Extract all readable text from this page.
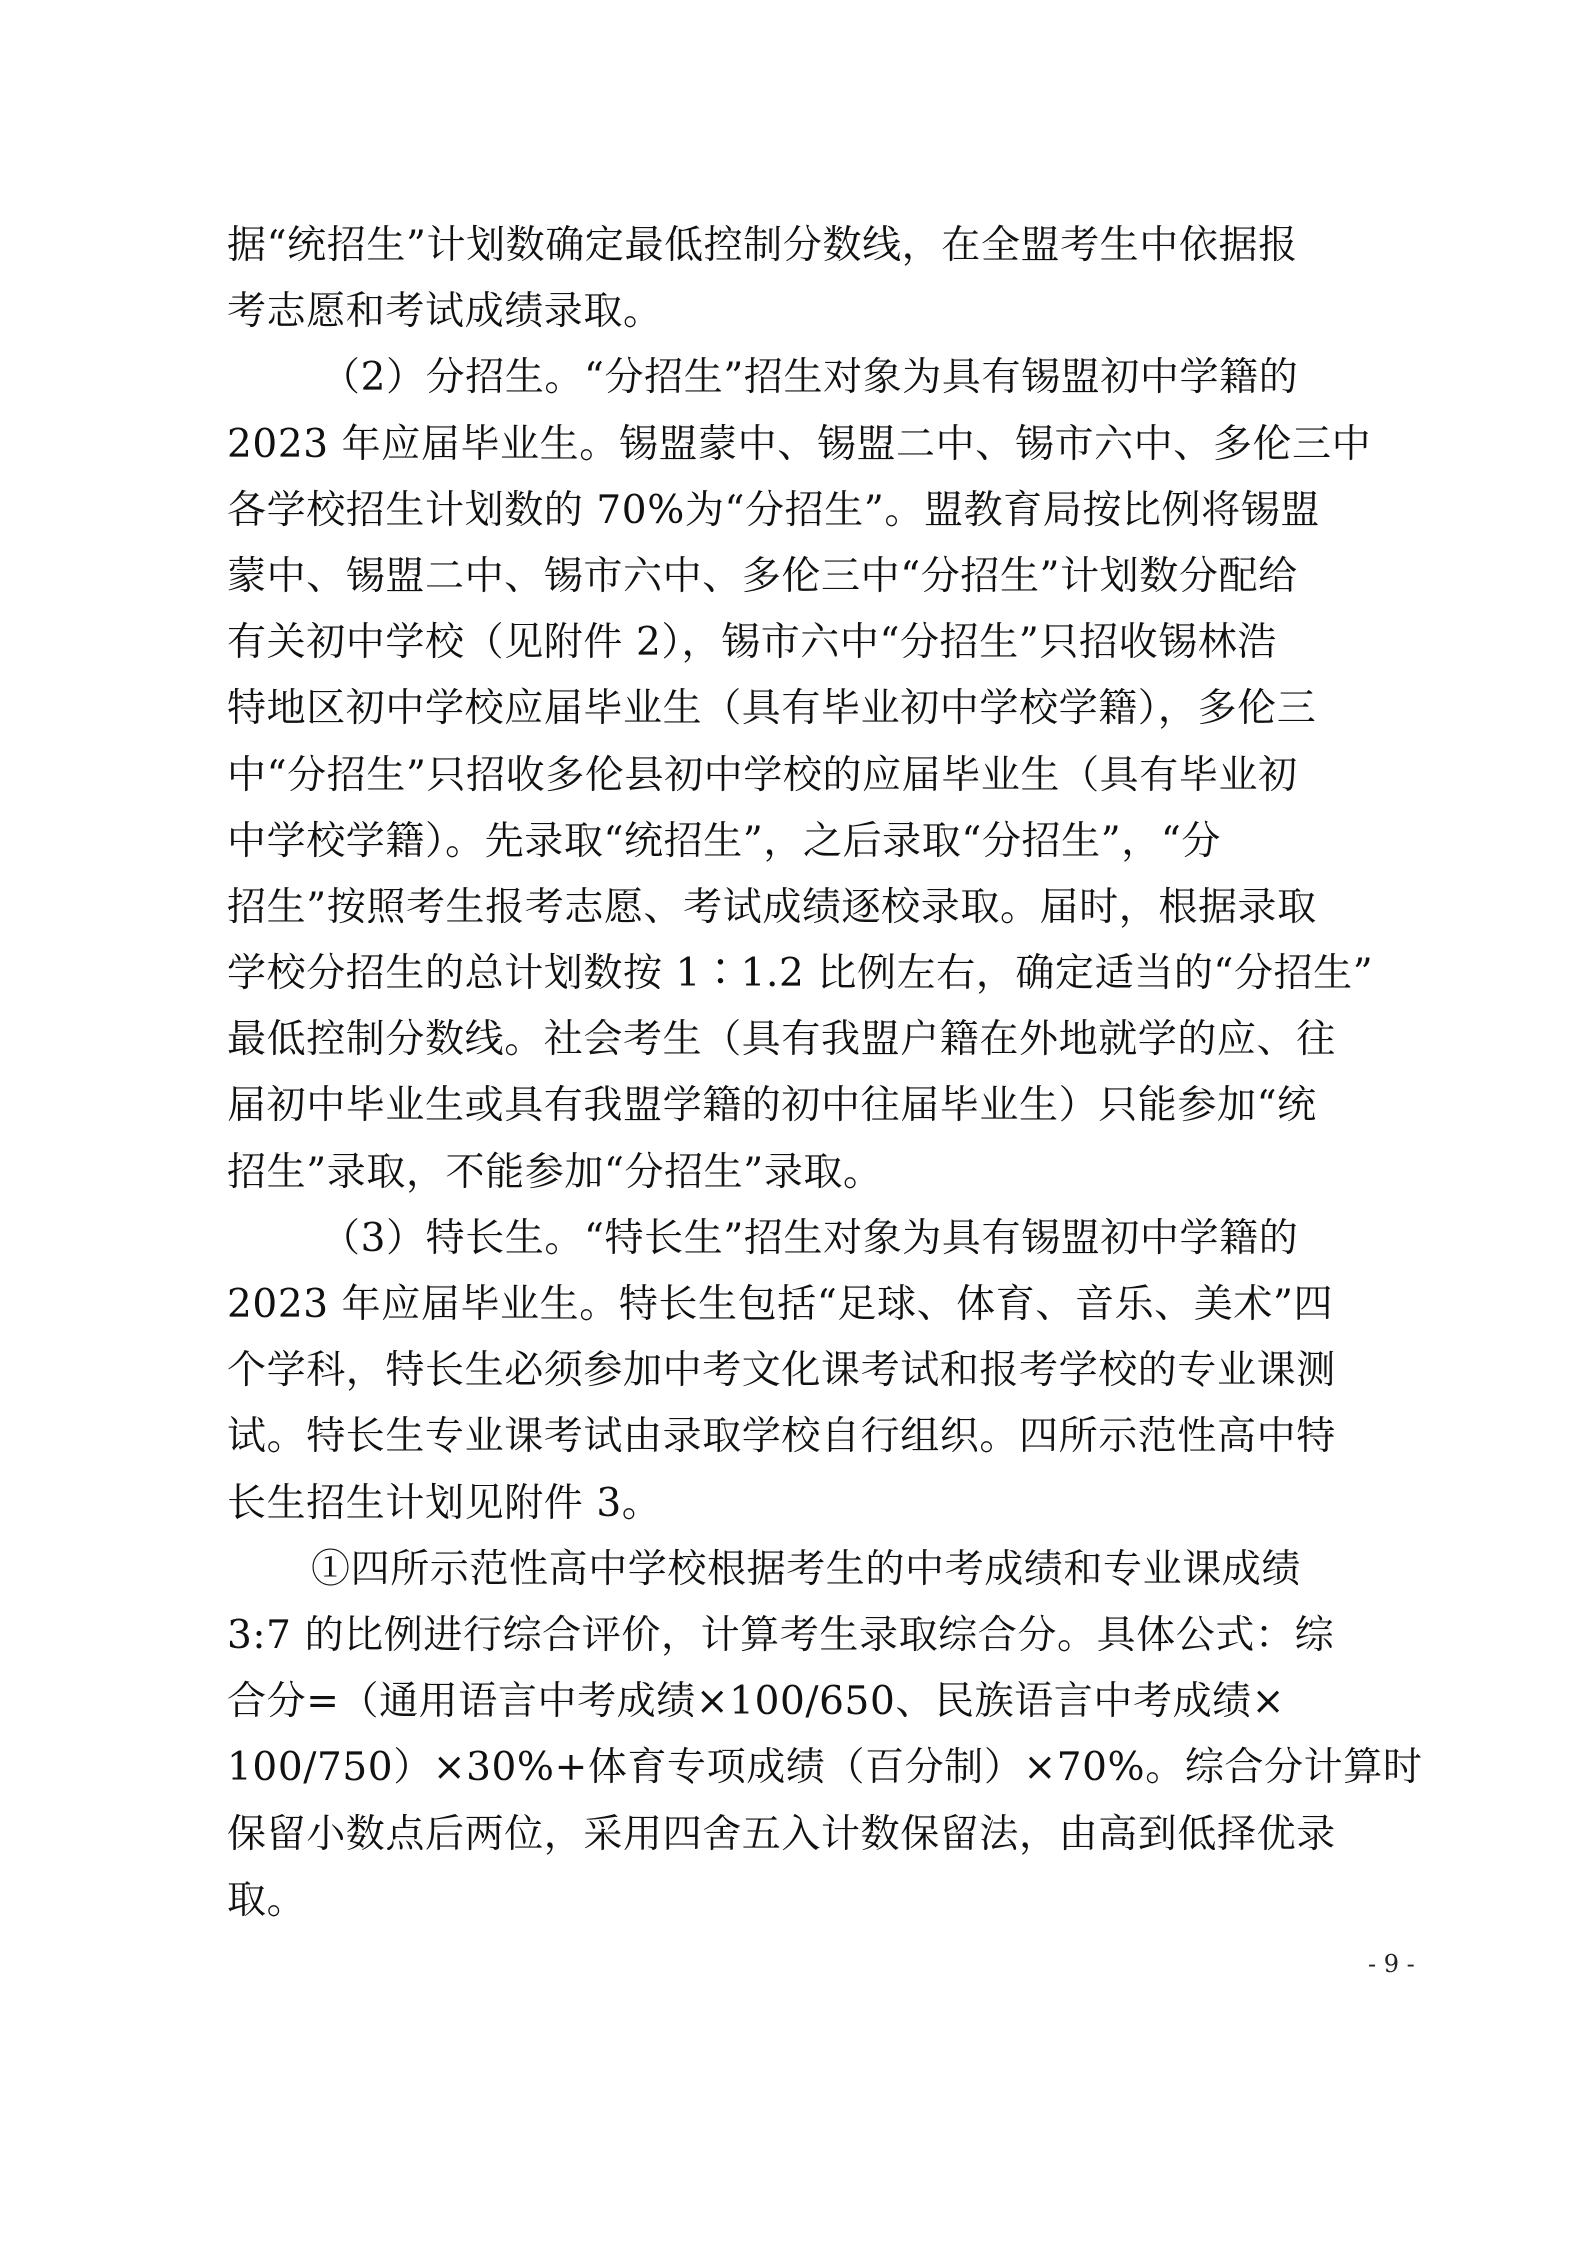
据“统招生”计划数确定最低控制分数线，在全盟考生中依据报
考志愿和考试成绩录取。
（2）分招生。“分招生”招生对象为具有锡盟初中学籍的
2023 年应届毕业生。锡盟蒙中、锡盟二中、锡市六中、多伦三中
各学校招生计划数的 70%为“分招生”。盟教育局按比例将锡盟
蒙中、锡盟二中、锡市六中、多伦三中“分招生”计划数分配给
有关初中学校（见附件 2），锡市六中“分招生”只招收锡林浩
特地区初中学校应届毕业生（具有毕业初中学校学籍），多伦三
中“分招生”只招收多伦县初中学校的应届毕业生（具有毕业初
中学校学籍）。先录取“统招生”，之后录取“分招生”，“分
招生”按照考生报考志愿、考试成绩逐校录取。届时，根据录取
学校分招生的总计划数按 1∶1.2 比例左右，确定适当的“分招生”
最低控制分数线。社会考生（具有我盟户籍在外地就学的应、往
届初中毕业生或具有我盟学籍的初中往届毕业生）只能参加“统
招生”录取，不能参加“分招生”录取。
（3）特长生。“特长生”招生对象为具有锡盟初中学籍的
2023 年应届毕业生。特长生包括“足球、体育、音乐、美术”四
个学科，特长生必须参加中考文化课考试和报考学校的专业课测
试。特长生专业课考试由录取学校自行组织。四所示范性高中特
长生招生计划见附件 3。
①四所示范性高中学校根据考生的中考成绩和专业课成绩
3:7 的比例进行综合评价，计算考生录取综合分。具体公式：综
合分=（通用语言中考成绩×100/650、民族语言中考成绩×
100/750）×30%+体育专项成绩（百分制）×70%。综合分计算时
保留小数点后两位，采用四舍五入计数保留法，由高到低择优录
取。
- 9 -
